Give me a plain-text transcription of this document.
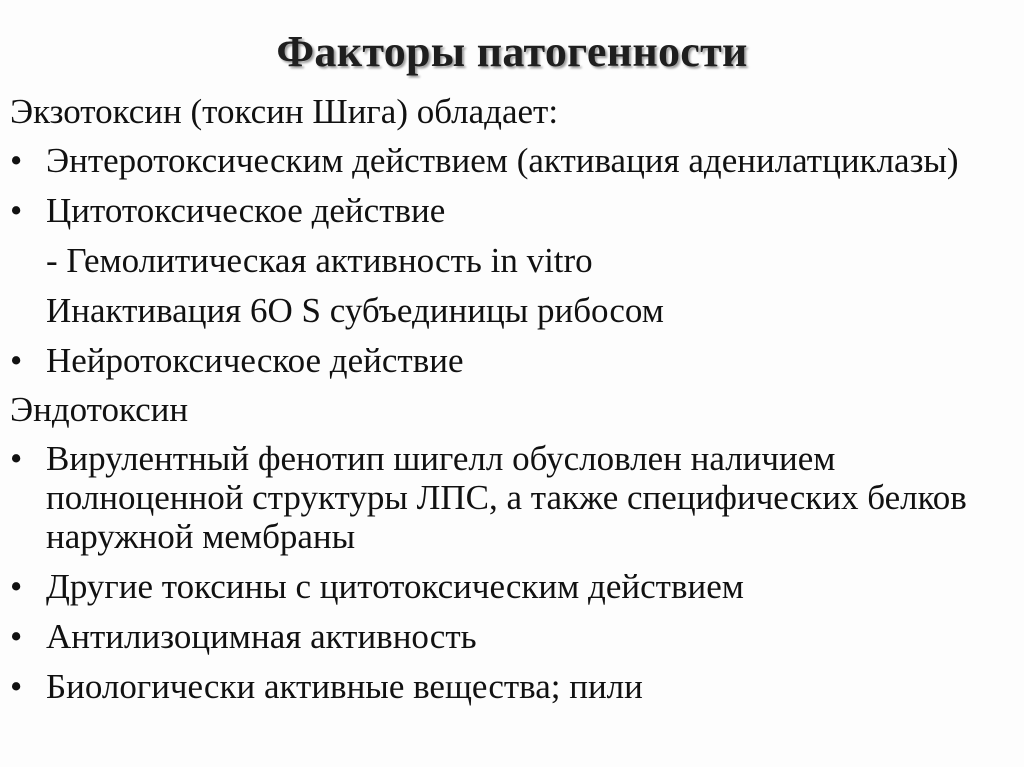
Факторы патогенности

Экзотоксин (токсин Шига) обладает:

• Энтеротоксическим действием (активация аденилатциклазы)

• Цитотоксическое действие

- Гемолитическая активность in vitro

Инактивация 6О S субъединицы рибосом

• Нейротоксическое действие

Эндотоксин

• Вирулентный фенотип шигелл обусловлен наличием полноценной структуры ЛПС, а также специфических белков наружной мембраны

• Другие токсины с цитотоксическим действием

• Антилизоцимная активность

• Биологически активные вещества; пили
